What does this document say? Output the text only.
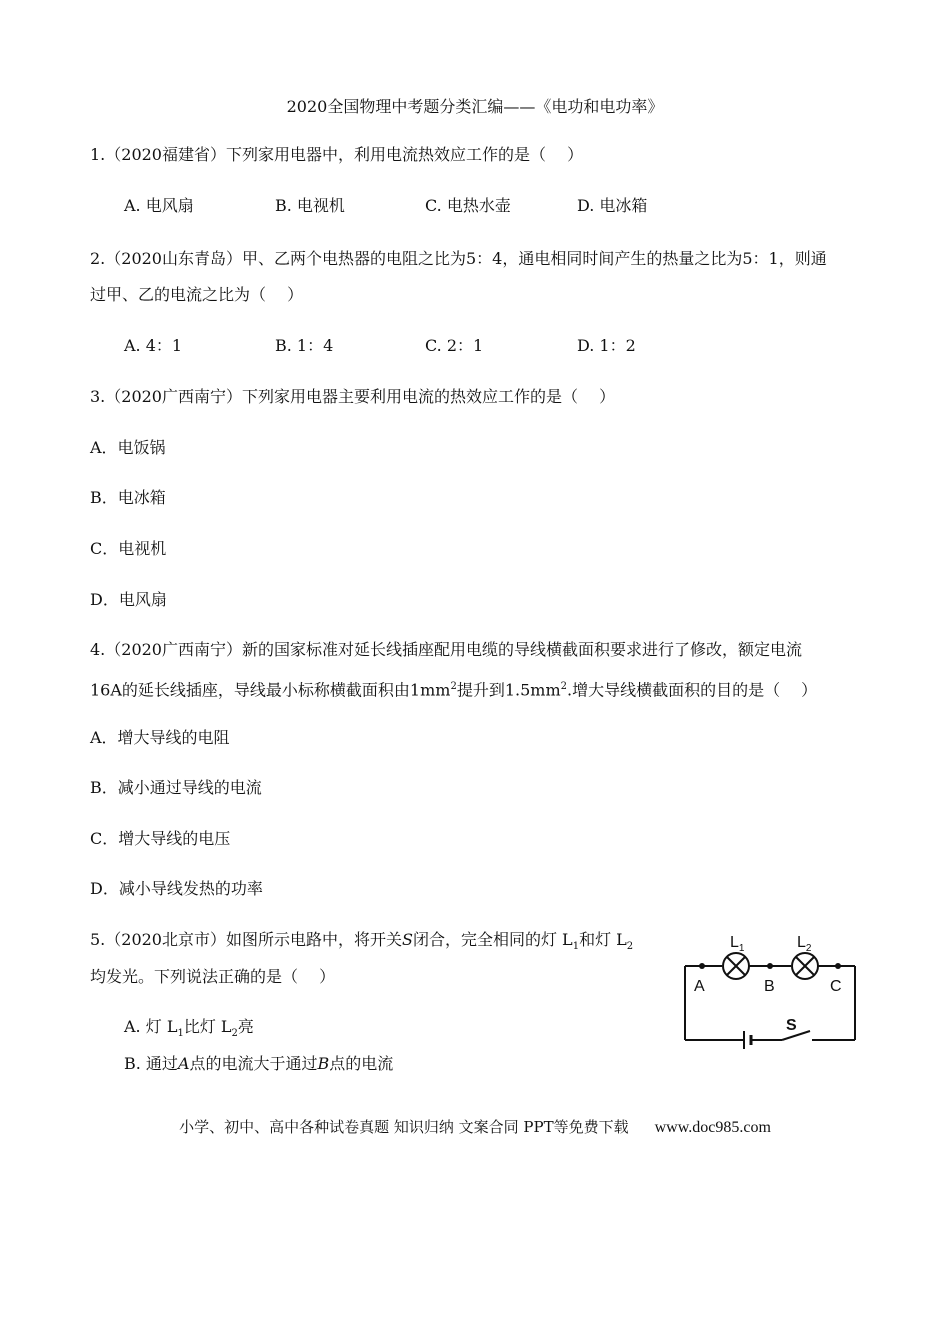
2020全国物理中考题分类汇编——《电功和电功率》
1.（2020福建省）下列家用电器中，利用电流热效应工作的是（　 ）
A. 电风扇	B. 电视机	C. 电热水壶	D. 电冰箱
2.（2020山东青岛）甲、乙两个电热器的电阻之比为5：4，通电相同时间产生的热量之比为5：1，则通
过甲、乙的电流之比为（　 ）
A. 4：1	B. 1：4	C. 2：1	D. 1：2
3.（2020广西南宁）下列家用电器主要利用电流的热效应工作的是（　 ）
A．电饭锅
B．电冰箱
C．电视机
D．电风扇
4.（2020广西南宁）新的国家标准对延长线插座配用电缆的导线横截面积要求进行了修改，额定电流
16A的延长线插座，导线最小标称横截面积由$1mm^2$提升到$1.5mm^2$.增大导线横截面积的目的是（　 ）
A．增大导线的电阻
B．减小通过导线的电流
C．增大导线的电压
D．减小导线发热的功率
5.（2020北京市）如图所示电路中，将开关S闭合，完全相同的灯 $L_1$和灯 $L_2$
均发光。下列说法正确的是（　 ）
A. 灯 $L_1$比灯 $L_2$亮
B. 通过A点的电流大于通过B点的电流
$L_1$	$L_2$
A	B	C
S
小学、初中、高中各种试卷真题 知识归纳 文案合同 PPT等免费下载 www.doc985.com
